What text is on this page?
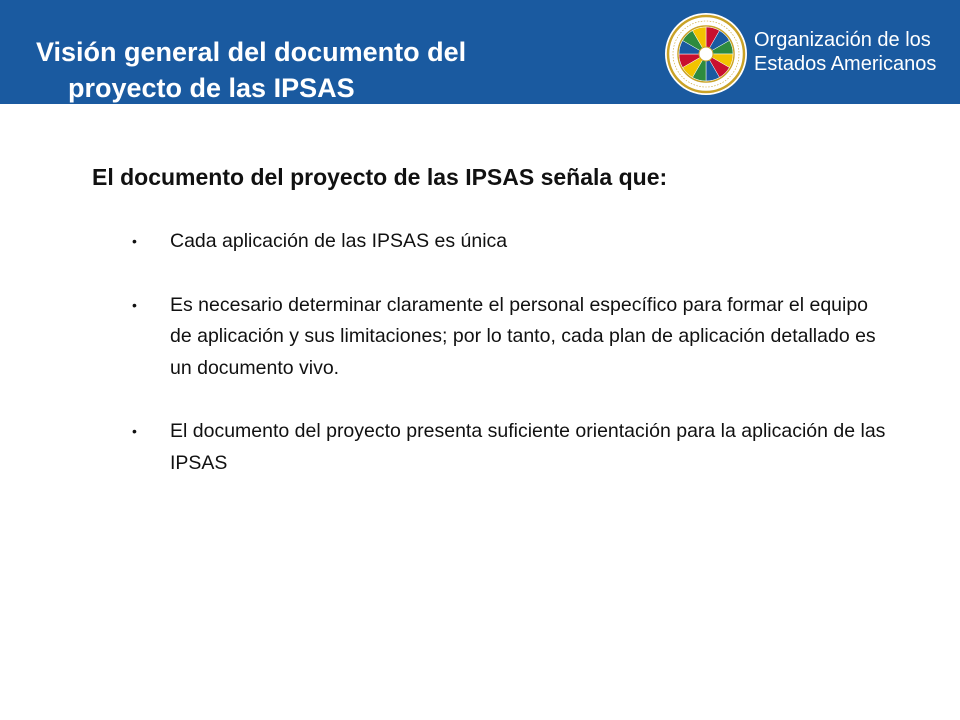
Visión general del documento del
proyecto de las IPSAS
Organización de los
Estados Americanos
El documento del proyecto de las IPSAS señala que:
• Cada aplicación de las IPSAS es única
• Es necesario determinar claramente el personal específico para formar el equipo de aplicación y sus limitaciones; por lo tanto, cada plan de aplicación detallado es un documento vivo.
• El documento del proyecto presenta suficiente orientación para la aplicación de las IPSAS
